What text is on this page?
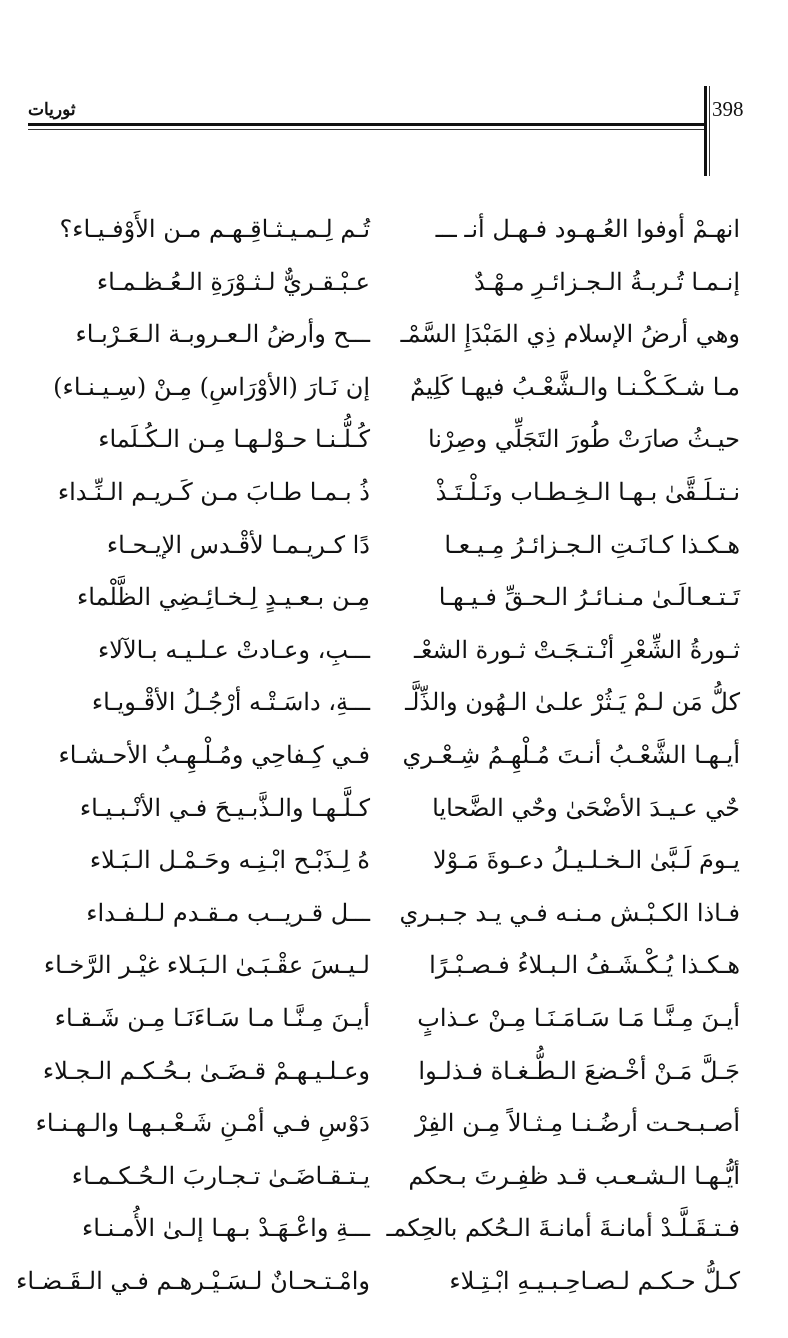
ثوريات	398
انهـمْ أوفوا العُـهـود فـهـل أنـ ـــ
إنـمـا تُـربـةُ الـجـزائـرِ مـهْـدٌ
وهي أرضُ الإسلام ذِي المَبْدَإِ السَّمْـ
مـا شـكَـكْـنـا والـشَّعْـبُ فيهـا كَلِيمٌ
حيـثُ صارَتْ طُورَ التَجَلِّي وصِرْنا
نـتـلَـقَّىٰ بـهـا الـخِـطـاب ونَـلْـتَـذْ
هـكـذا كـانَـتِ الـجـزائـرُ مِـيـعـا
تَـتـعـالَـىٰ مـنـائـرُ الـحـقِّ فـيـهـا
ثـورةُ الشِّعْرِ أنْـتـجَـتْ ثـورة الشعْـ
كلُّ مَن لـمْ يَـثُرْ علـىٰ الـهُون والذِّلَّـ
أيـهـا الشَّعْـبُ أنـتَ مُـلْهِـمُ شِـعْـري
حٌي عـيـدَ الأضْحَىٰ وحٌي الضَّحايا
يـومَ لَـبَّىٰ الـخـلـيـلُ دعـوةَ مَـوْلا
فـاذا الكـبْـش مـنـه فـي يـد جـبـري
هـكـذا يُـكْـشَـفُ الـبـلاءُ فـصـبْـرًا
أيـنَ مِـنَّـا مَـا سَـامَـنَـا مِـنْ عـذابٍ
جَـلَّ مَـنْ أخْـضعَ الـطُّـغـاة فـذلـوا
أصـبـحـت أرضُـنـا مِـثـالاً مِـن الفِرْ
أيُّـهـا الـشـعـب قـد ظفِـرتَ بـحكم
فـتـقَـلَّـدْ أمانـةَ أمانـةَ الـحُكم بالحِكمـ
كـلُّ حـكـم لـصـاحِـبـيـهِ ابْـتِـلاء
تُـم لِـمـيـثـاقِـهـم مـن الأَوْفـيـاء؟
عـبْـقـريٌّ لـثـوْرَةِ الـعُـظـمـاء
ـــح وأرضُ الـعـروبـة الـعَـرْبـاء
إن نَـارَ (الأوْرَاسِ) مِـنْ (سِـيـنـاء)
كُـلُّـنـا حـوْلـهـا مِـن الـكُـلَماء
ذُ بـمـا طـابَ مـن كَـريـم الـنِّـداء
دًا كـريـمـا لأقْـدس الإيـحـاء
مِـن بـعـيـدٍ لِـخـائِـضِي الظَّلْماء
ـــبِ، وعـادتْ عـلـيـه بـالآلاء
ـــةِ، داسَـتْـه أرْجُـلُ الأقْـويـاء
فـي كِـفاحِي ومُـلْـهِـبُ الأحـشـاء
كـلَّـهـا والـذَّبـيـحَ فـي الأنْـبـيـاء
هُ لِـذَبْـح ابْـنِـه وحَـمْـل الـبَـلاء
ـــل قـريــب مـقـدم لـلـفـداء
لـيـسَ عقْـبَـىٰ الـبَـلاء غيْـر الرَّخـاء
أيـنَ مِـنَّـا مـا سَـاءَنَـا مِـن شَـقـاء
وعـلـيـهـمْ قـضَـىٰ بـحُـكـم الـجـلاء
دَوْسِ فـي أمْـنِ شَـعْـبـهـا والـهـنـاء
يـتـقـاضَـىٰ تـجـاربَ الـحُـكـمـاء
ـــةِ واعْـهَـدْ بـهـا إلـىٰ الأُمـنـاء
وامْـتـحـانٌ لـسَـيْـرهـم فـي الـقَـضـاء
